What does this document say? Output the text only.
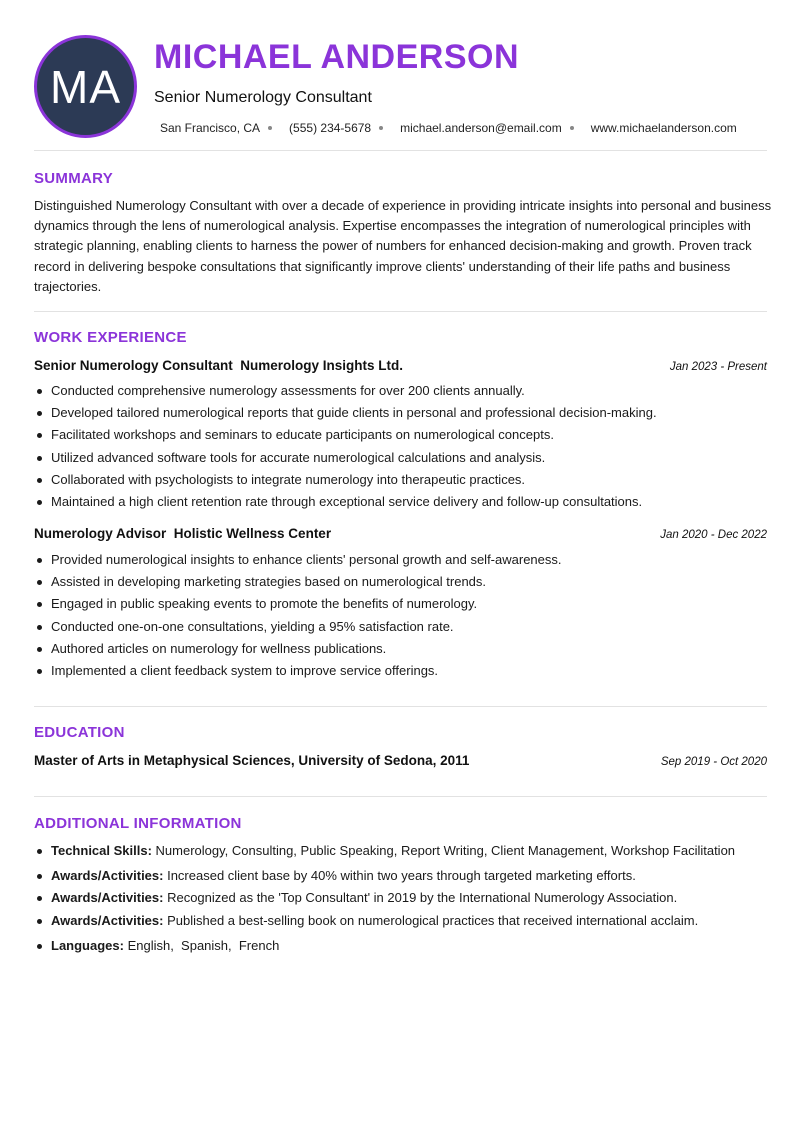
MA
MICHAEL ANDERSON
Senior Numerology Consultant
San Francisco, CA (555) 234-5678 michael.anderson@email.com www.michaelanderson.com
SUMMARY
Distinguished Numerology Consultant with over a decade of experience in providing intricate insights into personal and business dynamics through the lens of numerological analysis. Expertise encompasses the integration of numerological principles with strategic planning, enabling clients to harness the power of numbers for enhanced decision-making and growth. Proven track record in delivering bespoke consultations that significantly improve clients' understanding of their life paths and business trajectories.
WORK EXPERIENCE
Senior Numerology Consultant  Numerology Insights Ltd.	Jan 2023 - Present
Conducted comprehensive numerology assessments for over 200 clients annually.
Developed tailored numerological reports that guide clients in personal and professional decision-making.
Facilitated workshops and seminars to educate participants on numerological concepts.
Utilized advanced software tools for accurate numerological calculations and analysis.
Collaborated with psychologists to integrate numerology into therapeutic practices.
Maintained a high client retention rate through exceptional service delivery and follow-up consultations.
Numerology Advisor  Holistic Wellness Center	Jan 2020 - Dec 2022
Provided numerological insights to enhance clients' personal growth and self-awareness.
Assisted in developing marketing strategies based on numerological trends.
Engaged in public speaking events to promote the benefits of numerology.
Conducted one-on-one consultations, yielding a 95% satisfaction rate.
Authored articles on numerology for wellness publications.
Implemented a client feedback system to improve service offerings.
EDUCATION
Master of Arts in Metaphysical Sciences, University of Sedona, 2011	Sep 2019 - Oct 2020
ADDITIONAL INFORMATION
Technical Skills: Numerology, Consulting, Public Speaking, Report Writing, Client Management, Workshop Facilitation
Awards/Activities: Increased client base by 40% within two years through targeted marketing efforts.
Awards/Activities: Recognized as the 'Top Consultant' in 2019 by the International Numerology Association.
Awards/Activities: Published a best-selling book on numerological practices that received international acclaim.
Languages: English,  Spanish,  French
